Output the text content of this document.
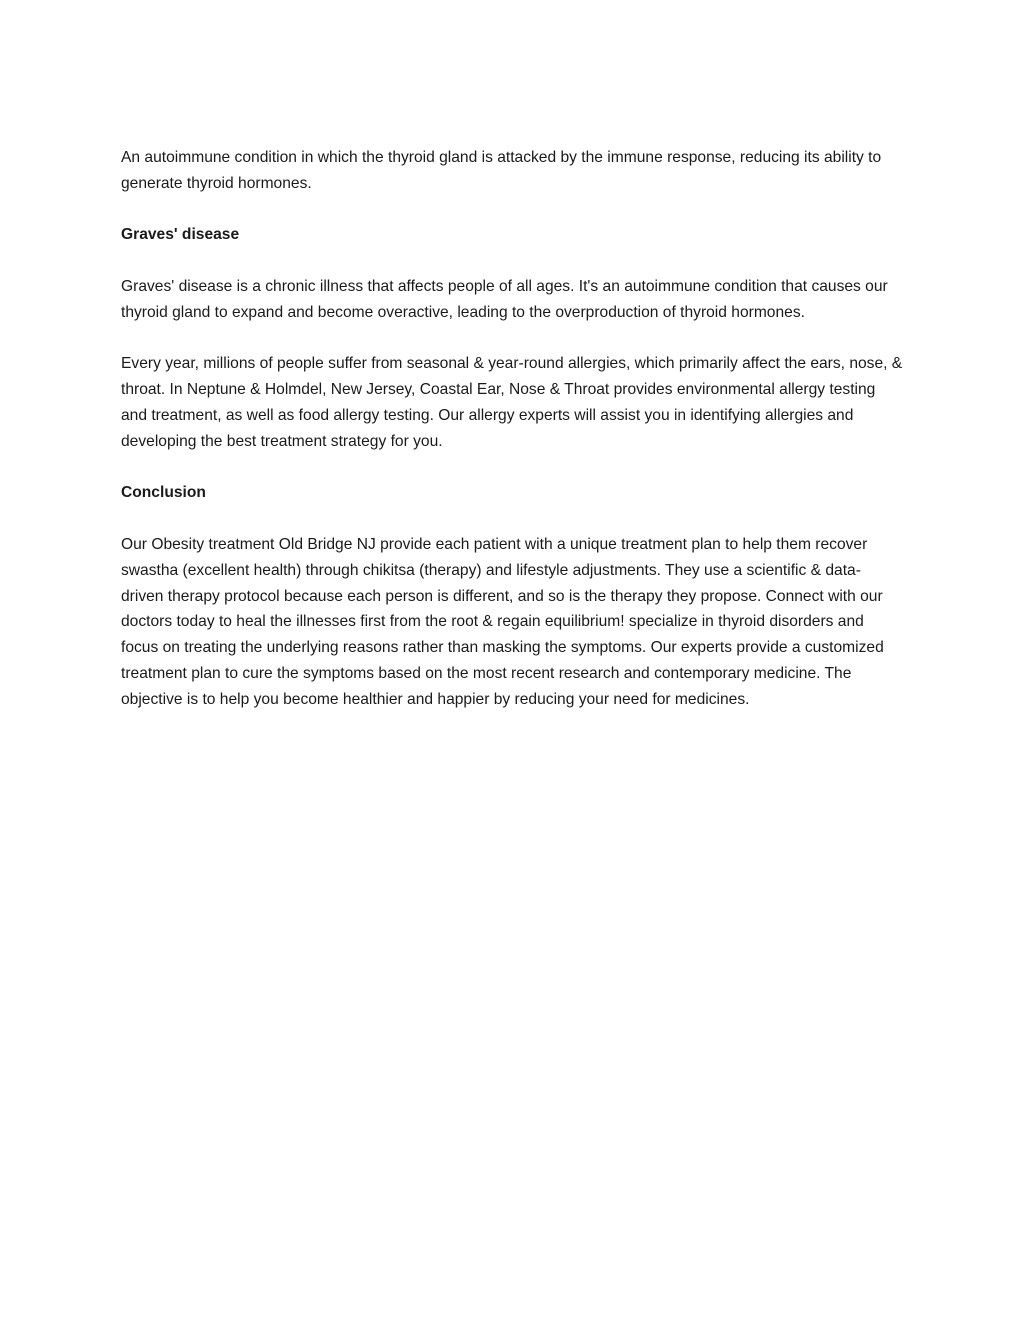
An autoimmune condition in which the thyroid gland is attacked by the immune response, reducing its ability to generate thyroid hormones.

Graves' disease

Graves' disease is a chronic illness that affects people of all ages. It's an autoimmune condition that causes our thyroid gland to expand and become overactive, leading to the overproduction of thyroid hormones.

Every year, millions of people suffer from seasonal & year-round allergies, which primarily affect the ears, nose, & throat. In Neptune & Holmdel, New Jersey, Coastal Ear, Nose & Throat provides environmental allergy testing and treatment, as well as food allergy testing. Our allergy experts will assist you in identifying allergies and developing the best treatment strategy for you.

Conclusion

Our Obesity treatment Old Bridge NJ provide each patient with a unique treatment plan to help them recover swastha (excellent health) through chikitsa (therapy) and lifestyle adjustments. They use a scientific & data-driven therapy protocol because each person is different, and so is the therapy they propose. Connect with our doctors today to heal the illnesses first from the root & regain equilibrium! specialize in thyroid disorders and focus on treating the underlying reasons rather than masking the symptoms. Our experts provide a customized treatment plan to cure the symptoms based on the most recent research and contemporary medicine. The objective is to help you become healthier and happier by reducing your need for medicines.
